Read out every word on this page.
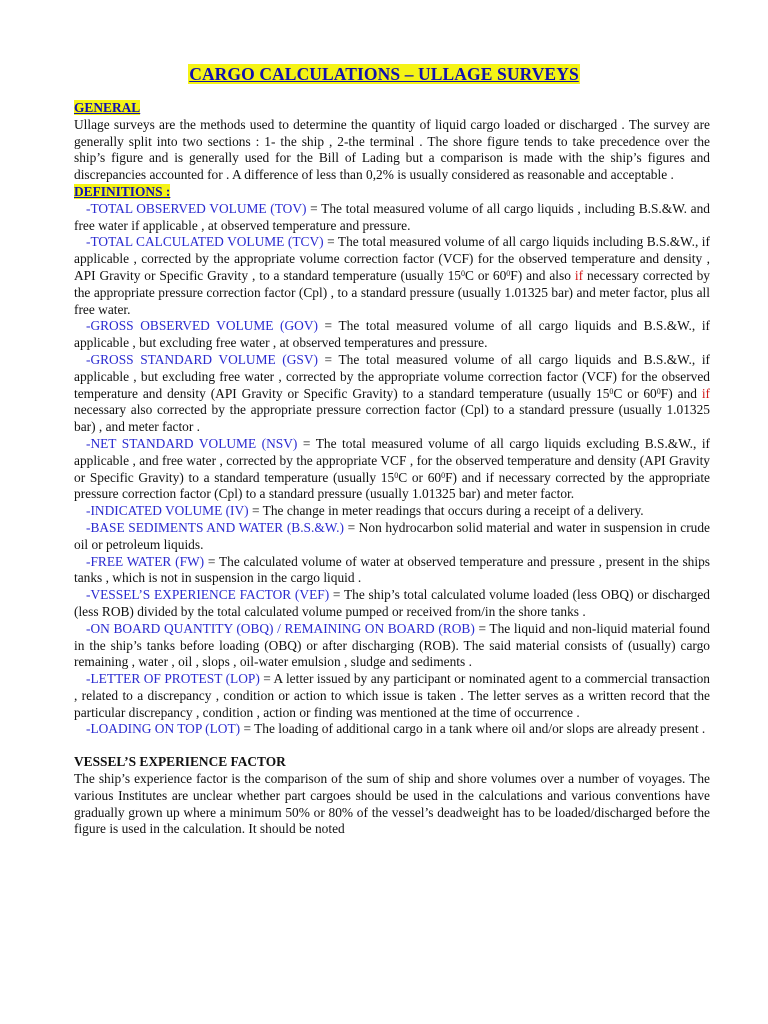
CARGO CALCULATIONS – ULLAGE SURVEYS

GENERAL

Ullage surveys are the methods used to determine the quantity of liquid cargo loaded or discharged . The survey are generally split into two sections : 1- the ship , 2-the terminal . The shore figure tends to take precedence over the ship’s figure and is generally used for the Bill of Lading but a comparison is made with the ship’s figures and discrepancies accounted for . A difference of less than 0,2% is usually considered as reasonable and acceptable .

DEFINITIONS :

-TOTAL OBSERVED VOLUME (TOV) = The total measured volume of all cargo liquids , including B.S.&W. and free water if applicable , at observed temperature and pressure.

-TOTAL CALCULATED VOLUME (TCV) = The total measured volume of all cargo liquids including B.S.&W., if applicable , corrected by the appropriate volume correction factor (VCF) for the observed temperature and density , API Gravity or Specific Gravity , to a standard temperature (usually $15^0C$ or $60^0F$) and also if necessary corrected by the appropriate pressure correction factor (Cpl) , to a standard pressure (usually 1.01325 bar) and meter factor, plus all free water.

-GROSS OBSERVED VOLUME (GOV) = The total measured volume of all cargo liquids and B.S.&W., if applicable , but excluding free water , at observed temperatures and pressure.

-GROSS STANDARD VOLUME (GSV) = The total measured volume of all cargo liquids and B.S.&W., if applicable , but excluding free water , corrected by the appropriate volume correction factor (VCF) for the observed temperature and density (API Gravity or Specific Gravity) to a standard temperature (usually $15^0C$ or $60^0F$) and if necessary also corrected by the appropriate pressure correction factor (Cpl) to a standard pressure (usually 1.01325 bar) , and meter factor .

-NET STANDARD VOLUME (NSV) = The total measured volume of all cargo liquids excluding B.S.&W., if applicable , and free water , corrected by the appropriate VCF , for the observed temperature and density (API Gravity or Specific Gravity) to a standard temperature (usually $15^0C$ or $60^0F$) and if necessary corrected by the appropriate pressure correction factor (Cpl) to a standard pressure (usually 1.01325 bar) and meter factor.

-INDICATED VOLUME (IV) = The change in meter readings that occurs during a receipt of a delivery.

-BASE SEDIMENTS AND WATER (B.S.&W.) = Non hydrocarbon solid material and water in suspension in crude oil or petroleum liquids.

-FREE WATER (FW) = The calculated volume of water at observed temperature and pressure , present in the ships tanks , which is not in suspension in the cargo liquid .

-VESSEL’S EXPERIENCE FACTOR (VEF) = The ship’s total calculated volume loaded (less OBQ) or discharged (less ROB) divided by the total calculated volume pumped or received from/in the shore tanks .

-ON BOARD QUANTITY (OBQ) / REMAINING ON BOARD (ROB) = The liquid and non-liquid material found in the ship’s tanks before loading (OBQ) or after discharging (ROB). The said material consists of (usually) cargo remaining , water , oil , slops , oil-water emulsion , sludge and sediments .

-LETTER OF PROTEST (LOP) = A letter issued by any participant or nominated agent to a commercial transaction , related to a discrepancy , condition or action to which issue is taken . The letter serves as a written record that the particular discrepancy , condition , action or finding was mentioned at the time of occurrence .

-LOADING ON TOP (LOT) = The loading of additional cargo in a tank where oil and/or slops are already present .

VESSEL’S EXPERIENCE FACTOR

The ship’s experience factor is the comparison of the sum of ship and shore volumes over a number of voyages. The various Institutes are unclear whether part cargoes should be used in the calculations and various conventions have gradually grown up where a minimum 50% or 80% of the vessel’s deadweight has to be loaded/discharged before the figure is used in the calculation. It should be noted
